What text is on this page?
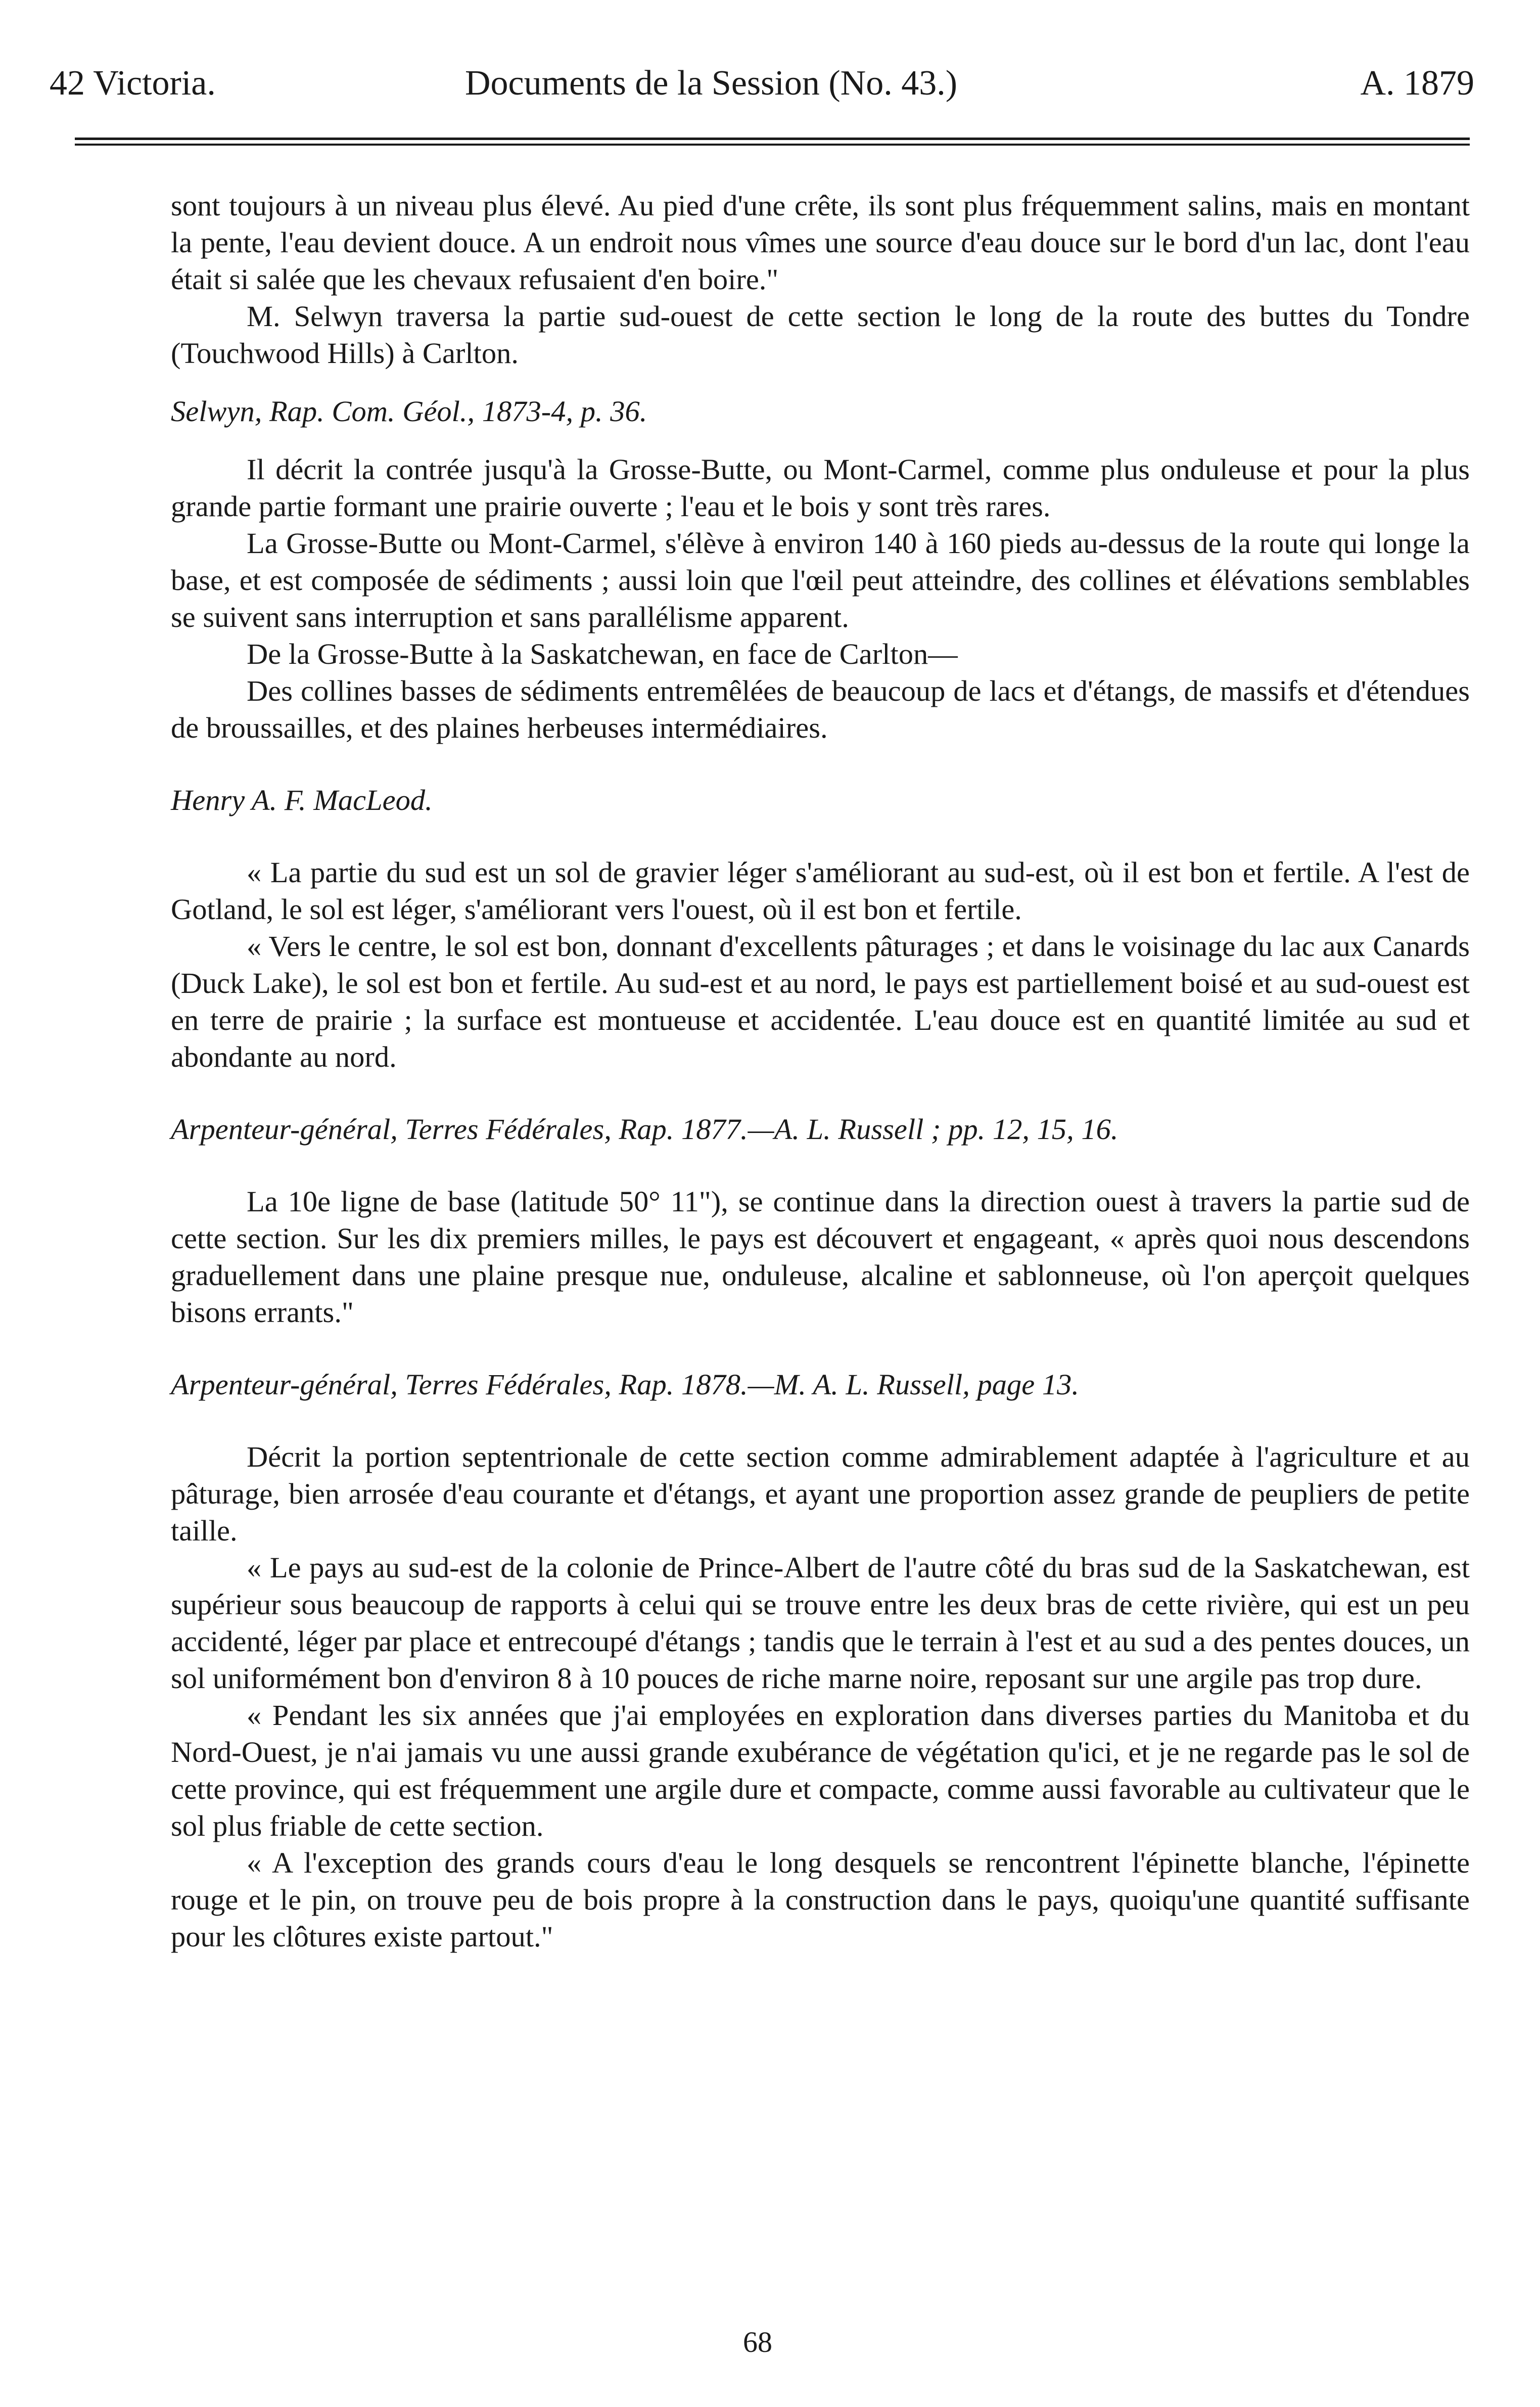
42 Victoria.	Documents de la Session (No. 43.)	A. 1879

sont toujours à un niveau plus élevé. Au pied d'une crête, ils sont plus fréquemment salins, mais en montant la pente, l'eau devient douce. A un endroit nous vîmes une source d'eau douce sur le bord d'un lac, dont l'eau était si salée que les chevaux refusaient d'en boire."

M. Selwyn traversa la partie sud-ouest de cette section le long de la route des buttes du Tondre (Touchwood Hills) à Carlton.

Selwyn, Rap. Com. Géol., 1873-4, p. 36.

Il décrit la contrée jusqu'à la Grosse-Butte, ou Mont-Carmel, comme plus onduleuse et pour la plus grande partie formant une prairie ouverte ; l'eau et le bois y sont très rares.

La Grosse-Butte ou Mont-Carmel, s'élève à environ 140 à 160 pieds au-dessus de la route qui longe la base, et est composée de sédiments ; aussi loin que l'œil peut atteindre, des collines et élévations semblables se suivent sans interruption et sans parallélisme apparent.

De la Grosse-Butte à la Saskatchewan, en face de Carlton—

Des collines basses de sédiments entremêlées de beaucoup de lacs et d'étangs, de massifs et d'étendues de broussailles, et des plaines herbeuses intermédiaires.

Henry A. F. MacLeod.

« La partie du sud est un sol de gravier léger s'améliorant au sud-est, où il est bon et fertile. A l'est de Gotland, le sol est léger, s'améliorant vers l'ouest, où il est bon et fertile.

« Vers le centre, le sol est bon, donnant d'excellents pâturages ; et dans le voisinage du lac aux Canards (Duck Lake), le sol est bon et fertile. Au sud-est et au nord, le pays est partiellement boisé et au sud-ouest est en terre de prairie ; la surface est montueuse et accidentée. L'eau douce est en quantité limitée au sud et abondante au nord.

Arpenteur-général, Terres Fédérales, Rap. 1877.—A. L. Russell ; pp. 12, 15, 16.

La 10e ligne de base (latitude 50° 11"), se continue dans la direction ouest à travers la partie sud de cette section. Sur les dix premiers milles, le pays est découvert et engageant, « après quoi nous descendons graduellement dans une plaine presque nue, onduleuse, alcaline et sablonneuse, où l'on aperçoit quelques bisons errants."

Arpenteur-général, Terres Fédérales, Rap. 1878.—M. A. L. Russell, page 13.

Décrit la portion septentrionale de cette section comme admirablement adaptée à l'agriculture et au pâturage, bien arrosée d'eau courante et d'étangs, et ayant une proportion assez grande de peupliers de petite taille.

« Le pays au sud-est de la colonie de Prince-Albert de l'autre côté du bras sud de la Saskatchewan, est supérieur sous beaucoup de rapports à celui qui se trouve entre les deux bras de cette rivière, qui est un peu accidenté, léger par place et entrecoupé d'étangs ; tandis que le terrain à l'est et au sud a des pentes douces, un sol uniformément bon d'environ 8 à 10 pouces de riche marne noire, reposant sur une argile pas trop dure.

« Pendant les six années que j'ai employées en exploration dans diverses parties du Manitoba et du Nord-Ouest, je n'ai jamais vu une aussi grande exubérance de végétation qu'ici, et je ne regarde pas le sol de cette province, qui est fréquemment une argile dure et compacte, comme aussi favorable au cultivateur que le sol plus friable de cette section.

« A l'exception des grands cours d'eau le long desquels se rencontrent l'épinette blanche, l'épinette rouge et le pin, on trouve peu de bois propre à la construction dans le pays, quoiqu'une quantité suffisante pour les clôtures existe partout."

68
